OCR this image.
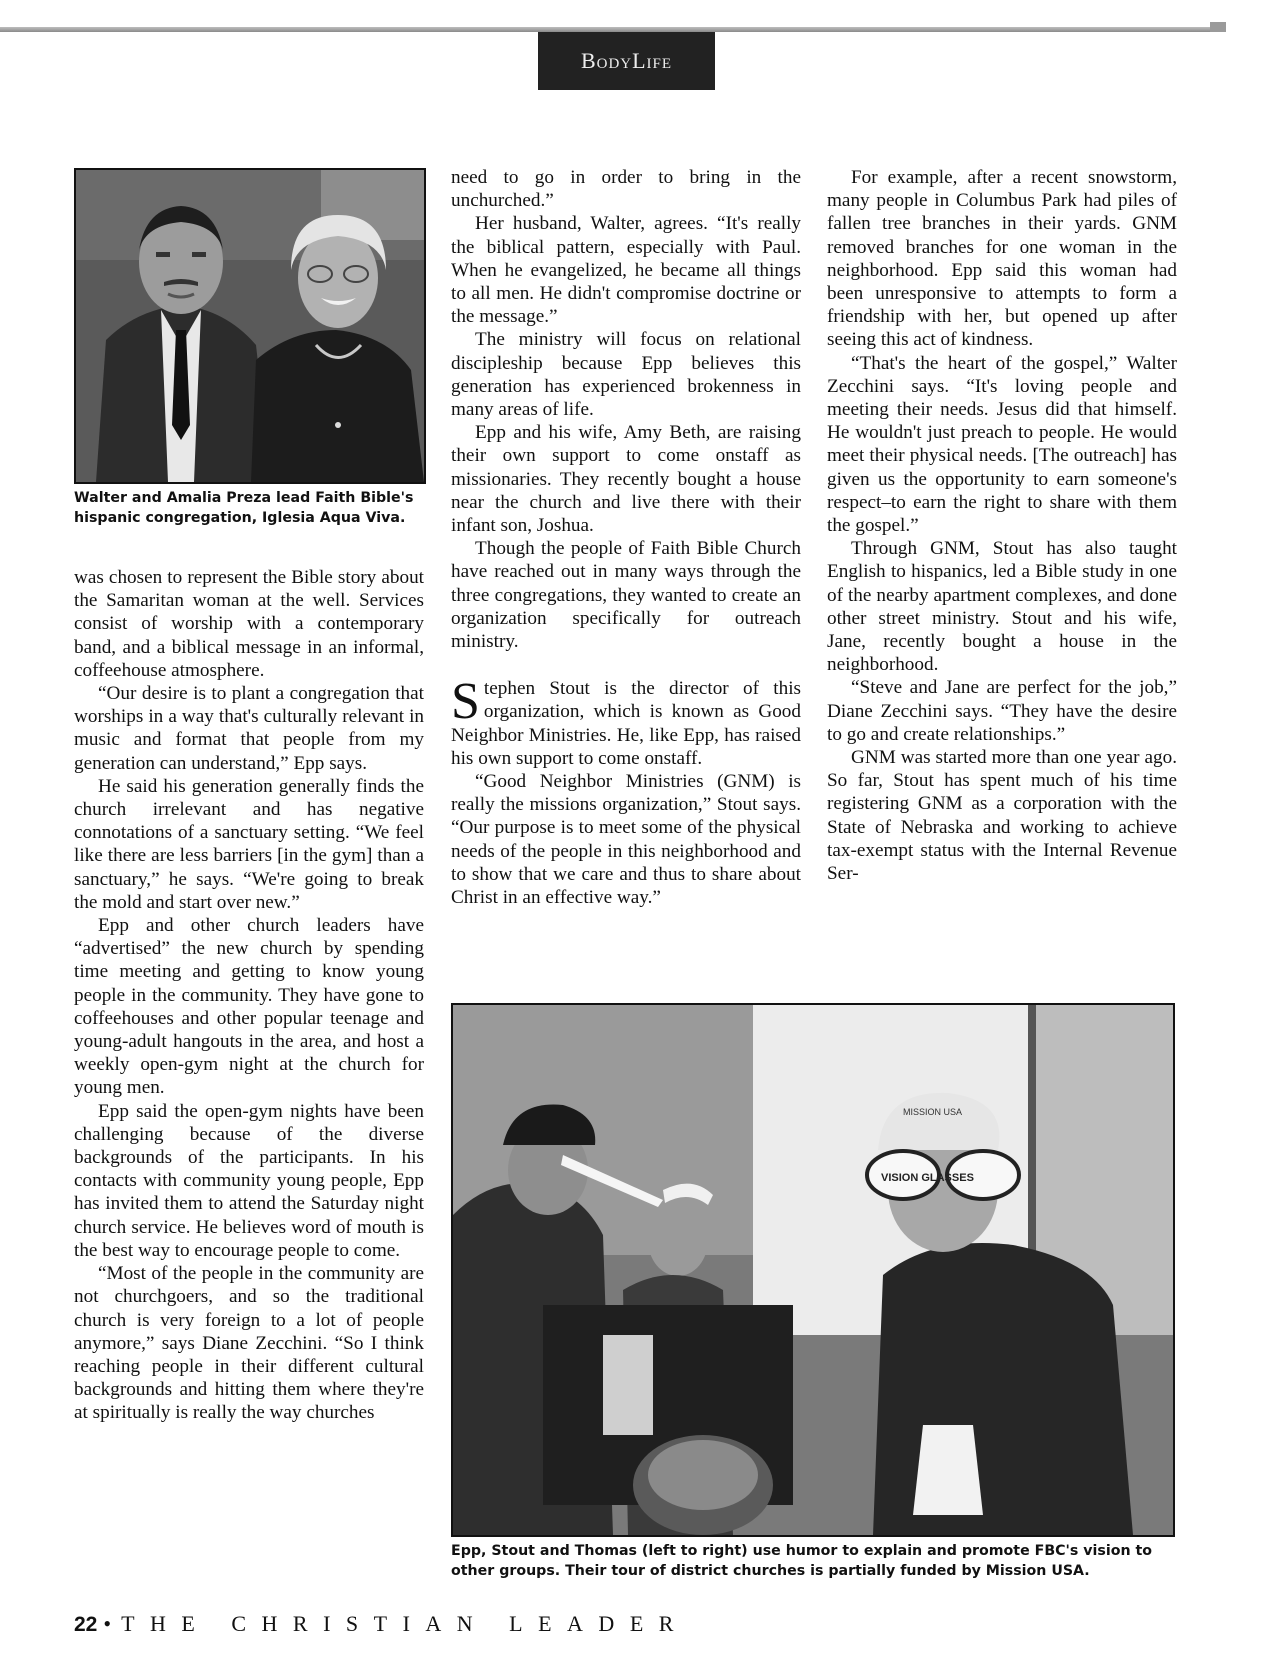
BodyLife
Walter and Amalia Preza lead Faith Bible's hispanic congregation, Iglesia Aqua Viva.

was chosen to represent the Bible story about the Samaritan woman at the well. Services consist of worship with a contemporary band, and a biblical message in an informal, coffeehouse atmosphere.

“Our desire is to plant a congregation that worships in a way that's culturally relevant in music and format that people from my generation can understand,” Epp says.

He said his generation generally finds the church irrelevant and has negative connotations of a sanctuary setting. “We feel like there are less barriers [in the gym] than a sanctuary,” he says. “We're going to break the mold and start over new.”

Epp and other church leaders have “advertised” the new church by spending time meeting and getting to know young people in the community. They have gone to coffeehouses and other popular teenage and young-adult hangouts in the area, and host a weekly open-gym night at the church for young men.

Epp said the open-gym nights have been challenging because of the diverse backgrounds of the participants. In his contacts with community young people, Epp has invited them to attend the Saturday night church service. He believes word of mouth is the best way to encourage people to come.

“Most of the people in the community are not churchgoers, and so the traditional church is very foreign to a lot of people anymore,” says Diane Zecchini. “So I think reaching people in their different cultural backgrounds and hitting them where they're at spiritually is really the way churches

need to go in order to bring in the unchurched.”

Her husband, Walter, agrees. “It's really the biblical pattern, especially with Paul. When he evangelized, he became all things to all men. He didn't compromise doctrine or the message.”

The ministry will focus on relational discipleship because Epp believes this generation has experienced brokenness in many areas of life.

Epp and his wife, Amy Beth, are raising their own support to come onstaff as missionaries. They recently bought a house near the church and live there with their infant son, Joshua.

Though the people of Faith Bible Church have reached out in many ways through the three congregations, they wanted to create an organization specifically for outreach ministry.

Stephen Stout is the director of this organization, which is known as Good Neighbor Ministries. He, like Epp, has raised his own support to come onstaff.

“Good Neighbor Ministries (GNM) is really the missions organization,” Stout says. “Our purpose is to meet some of the physical needs of the people in this neighborhood and to show that we care and thus to share about Christ in an effective way.”

For example, after a recent snowstorm, many people in Columbus Park had piles of fallen tree branches in their yards. GNM removed branches for one woman in the neighborhood. Epp said this woman had been unresponsive to attempts to form a friendship with her, but opened up after seeing this act of kindness.

“That's the heart of the gospel,” Walter Zecchini says. “It's loving people and meeting their needs. Jesus did that himself. He wouldn't just preach to people. He would meet their physical needs. [The outreach] has given us the opportunity to earn someone's respect–to earn the right to share with them the gospel.”

Through GNM, Stout has also taught English to hispanics, led a Bible study in one of the nearby apartment complexes, and done other street ministry. Stout and his wife, Jane, recently bought a house in the neighborhood.

“Steve and Jane are perfect for the job,” Diane Zecchini says. “They have the desire to go and create relationships.”

GNM was started more than one year ago. So far, Stout has spent much of his time registering GNM as a corporation with the State of Nebraska and working to achieve tax-exempt status with the Internal Revenue Ser-

VISION GLASSES
MISSION USA
Epp, Stout and Thomas (left to right) use humor to explain and promote FBC's vision to other groups. Their tour of district churches is partially funded by Mission USA.
22 • THE CHRISTIAN LEADER
